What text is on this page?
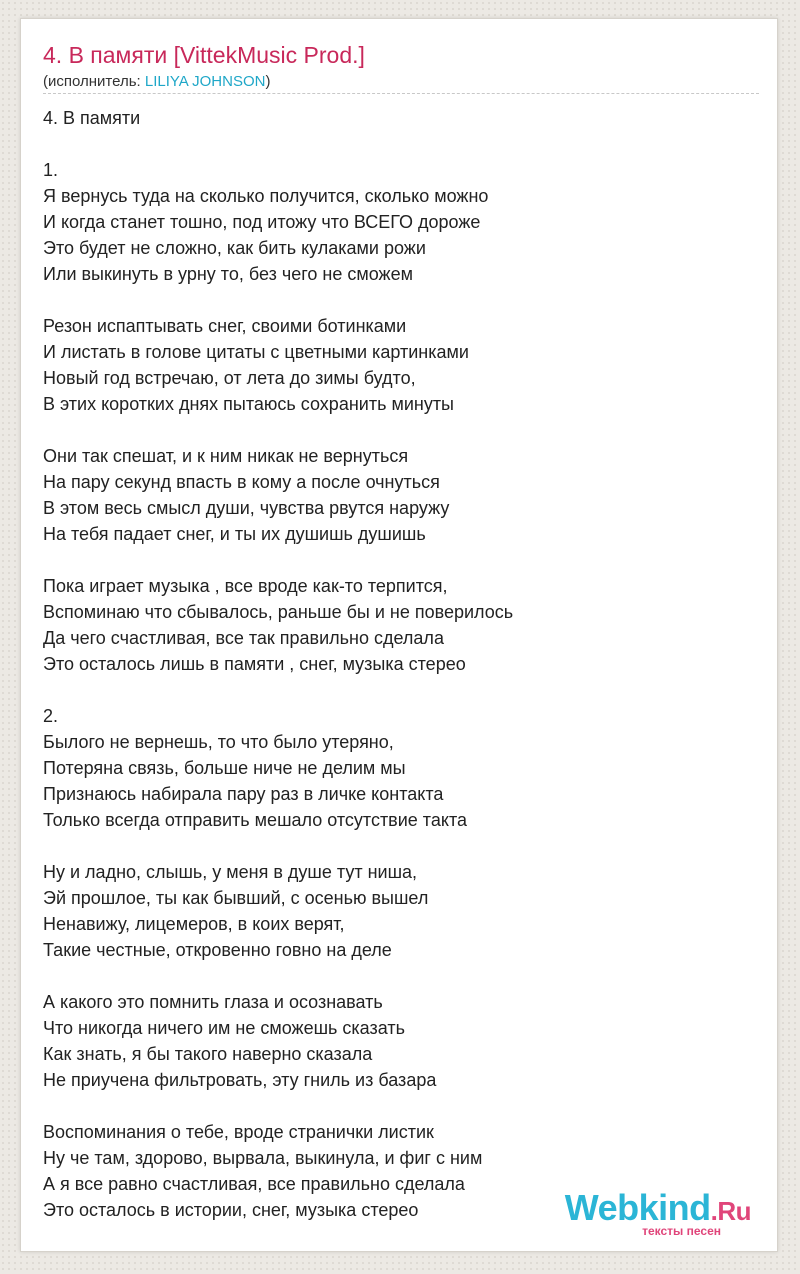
4. В памяти [VittekMusic Prod.]
(исполнитель: LILIYA JOHNSON)
4. В памяти
1.
Я вернусь туда на сколько получится, сколько можно
И когда станет тошно, под итожу что ВСЕГО дороже
Это будет не сложно, как бить кулаками рожи
Или выкинуть в урну то, без чего не сможем
Резон испаптывать снег, своими ботинками
И листать в голове цитаты с цветными картинками
Новый год встречаю, от лета до зимы будто,
В этих коротких днях пытаюсь сохранить минуты
Они так спешат, и к ним никак не вернуться
На пару секунд впасть в кому а после очнуться
В этом весь смысл души, чувства рвутся наружу
На тебя падает снег, и ты их душишь душишь
Пока играет музыка , все вроде как-то терпится,
Вспоминаю что сбывалось, раньше бы и не поверилось
Да чего счастливая, все так правильно сделала
Это осталось лишь в памяти , снег, музыка стерео
2.
Былого не вернешь, то что было утеряно,
Потеряна связь, больше ниче не делим мы
Признаюсь набирала пару раз в личке контакта
Только всегда отправить мешало отсутствие такта
Ну и ладно, слышь, у меня в душе тут ниша,
Эй прошлое, ты как бывший, с осенью вышел
Ненавижу, лицемеров, в коих верят,
Такие честные, откровенно говно на деле
А какого это помнить глаза и осознавать
Что никогда ничего им не сможешь сказать
Как знать, я бы такого наверно сказала
Не приучена фильтровать, эту гниль из базара
Воспоминания о тебе, вроде странички листик
Ну че там, здорово, вырвала, выкинула, и фиг с ним
А я все равно счастливая, все правильно сделала
Это осталось в истории, снег, музыка стерео	Webkind.Ru
тексты песен
